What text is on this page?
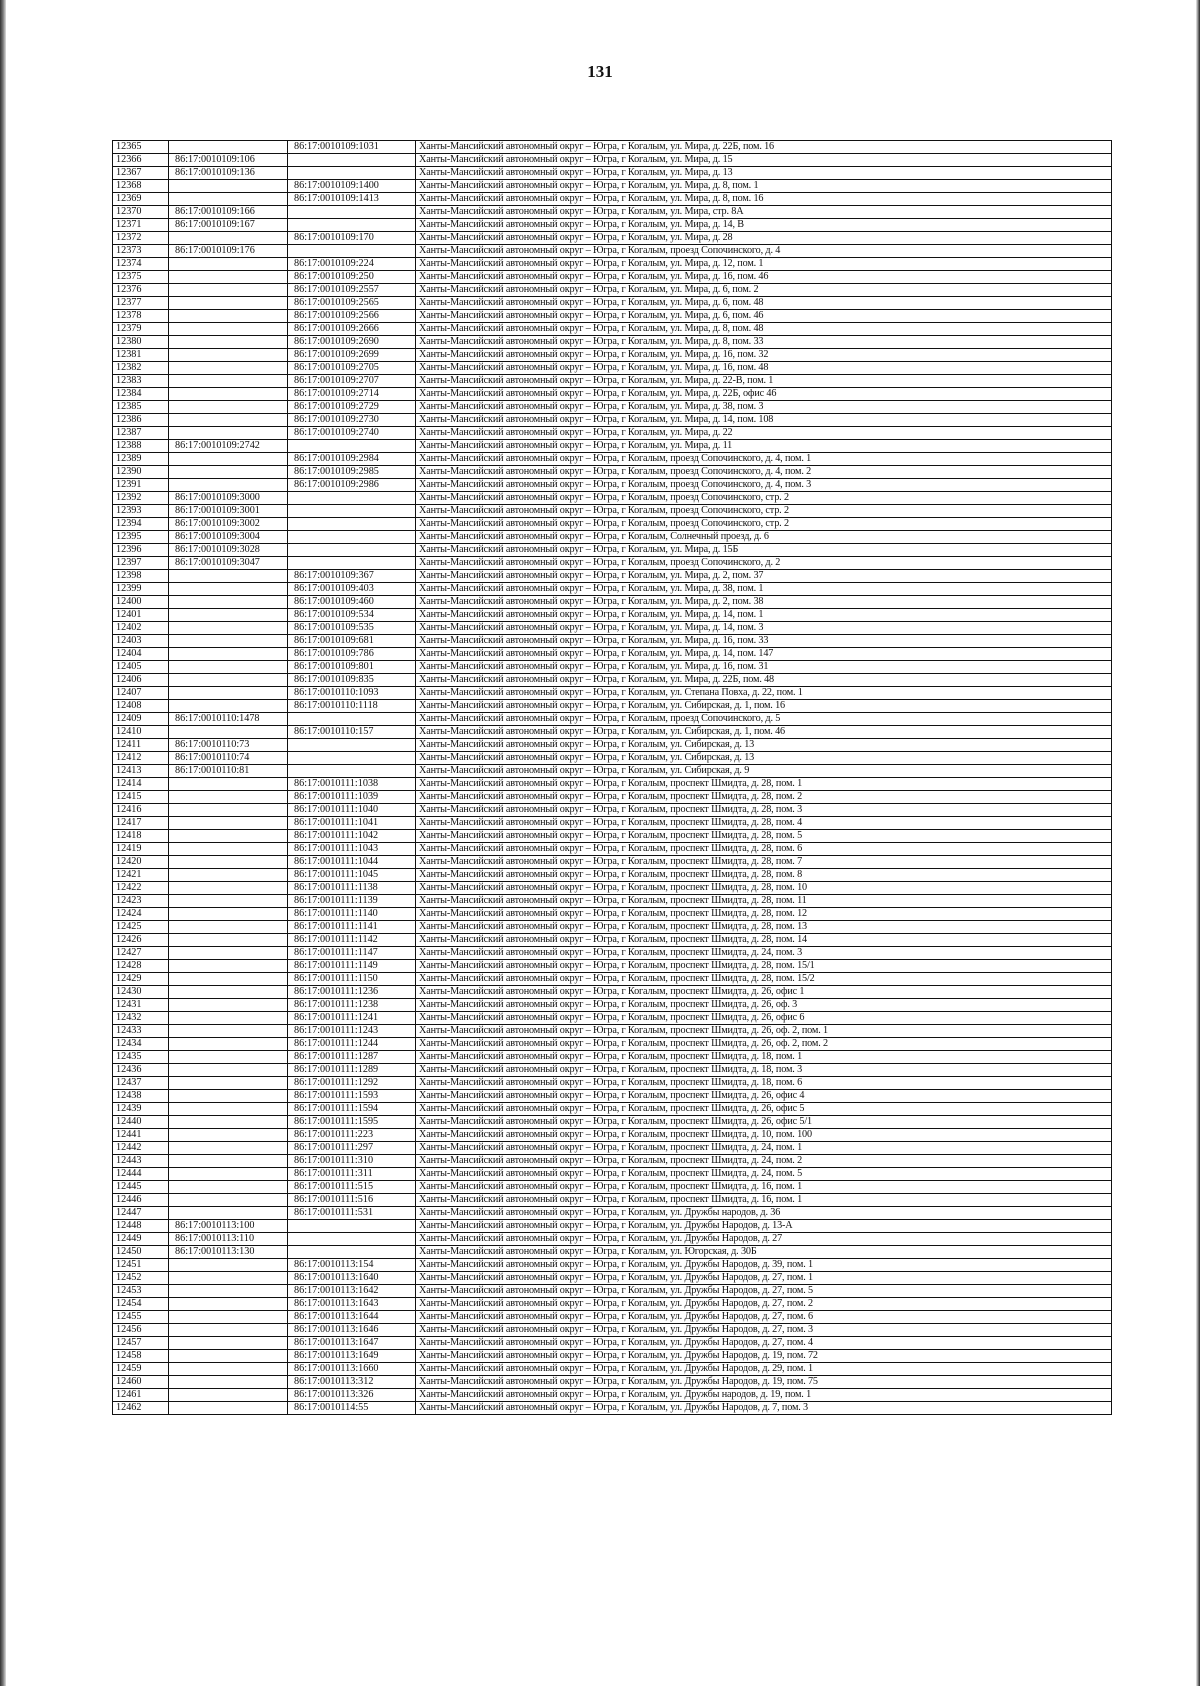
131
12365		86:17:0010109:1031	Ханты-Мансийский автономный округ – Югра, г Когалым, ул. Мира, д. 22Б, пом. 16
12366	86:17:0010109:106		Ханты-Мансийский автономный округ – Югра, г Когалым, ул. Мира, д. 15
12367	86:17:0010109:136		Ханты-Мансийский автономный округ – Югра, г Когалым, ул. Мира, д. 13
12368		86:17:0010109:1400	Ханты-Мансийский автономный округ – Югра, г Когалым, ул. Мира, д. 8, пом. 1
12369		86:17:0010109:1413	Ханты-Мансийский автономный округ – Югра, г Когалым, ул. Мира, д. 8, пом. 16
12370	86:17:0010109:166		Ханты-Мансийский автономный округ – Югра, г Когалым, ул. Мира, стр. 8А
12371	86:17:0010109:167		Ханты-Мансийский автономный округ – Югра, г Когалым, ул. Мира, д. 14, В
12372		86:17:0010109:170	Ханты-Мансийский автономный округ – Югра, г Когалым, ул. Мира, д. 28
12373	86:17:0010109:176		Ханты-Мансийский автономный округ – Югра, г Когалым, проезд Сопочинского, д. 4
12374		86:17:0010109:224	Ханты-Мансийский автономный округ – Югра, г Когалым, ул. Мира, д. 12, пом. 1
12375		86:17:0010109:250	Ханты-Мансийский автономный округ – Югра, г Когалым, ул. Мира, д. 16, пом. 46
12376		86:17:0010109:2557	Ханты-Мансийский автономный округ – Югра, г Когалым, ул. Мира, д. 6, пом. 2
12377		86:17:0010109:2565	Ханты-Мансийский автономный округ – Югра, г Когалым, ул. Мира, д. 6, пом. 48
12378		86:17:0010109:2566	Ханты-Мансийский автономный округ – Югра, г Когалым, ул. Мира, д. 6, пом. 46
12379		86:17:0010109:2666	Ханты-Мансийский автономный округ – Югра, г Когалым, ул. Мира, д. 8, пом. 48
12380		86:17:0010109:2690	Ханты-Мансийский автономный округ – Югра, г Когалым, ул. Мира, д. 8, пом. 33
12381		86:17:0010109:2699	Ханты-Мансийский автономный округ – Югра, г Когалым, ул. Мира, д. 16, пом. 32
12382		86:17:0010109:2705	Ханты-Мансийский автономный округ – Югра, г Когалым, ул. Мира, д. 16, пом. 48
12383		86:17:0010109:2707	Ханты-Мансийский автономный округ – Югра, г Когалым, ул. Мира, д. 22-В, пом. 1
12384		86:17:0010109:2714	Ханты-Мансийский автономный округ – Югра, г Когалым, ул. Мира, д. 22Б, офис 46
12385		86:17:0010109:2729	Ханты-Мансийский автономный округ – Югра, г Когалым, ул. Мира, д. 38, пом. 3
12386		86:17:0010109:2730	Ханты-Мансийский автономный округ – Югра, г Когалым, ул. Мира, д. 14, пом. 108
12387		86:17:0010109:2740	Ханты-Мансийский автономный округ – Югра, г Когалым, ул. Мира, д. 22
12388	86:17:0010109:2742		Ханты-Мансийский автономный округ – Югра, г Когалым, ул. Мира, д. 11
12389		86:17:0010109:2984	Ханты-Мансийский автономный округ – Югра, г Когалым, проезд Сопочинского, д. 4, пом. 1
12390		86:17:0010109:2985	Ханты-Мансийский автономный округ – Югра, г Когалым, проезд Сопочинского, д. 4, пом. 2
12391		86:17:0010109:2986	Ханты-Мансийский автономный округ – Югра, г Когалым, проезд Сопочинского, д. 4, пом. 3
12392	86:17:0010109:3000		Ханты-Мансийский автономный округ – Югра, г Когалым, проезд Сопочинского, стр. 2
12393	86:17:0010109:3001		Ханты-Мансийский автономный округ – Югра, г Когалым, проезд Сопочинского, стр. 2
12394	86:17:0010109:3002		Ханты-Мансийский автономный округ – Югра, г Когалым, проезд Сопочинского, стр. 2
12395	86:17:0010109:3004		Ханты-Мансийский автономный округ – Югра, г Когалым, Солнечный проезд, д. 6
12396	86:17:0010109:3028		Ханты-Мансийский автономный округ – Югра, г Когалым, ул. Мира, д. 15Б
12397	86:17:0010109:3047		Ханты-Мансийский автономный округ – Югра, г Когалым, проезд Сопочинского, д. 2
12398		86:17:0010109:367	Ханты-Мансийский автономный округ – Югра, г Когалым, ул. Мира, д. 2, пом. 37
12399		86:17:0010109:403	Ханты-Мансийский автономный округ – Югра, г Когалым, ул. Мира, д. 38, пом. 1
12400		86:17:0010109:460	Ханты-Мансийский автономный округ – Югра, г Когалым, ул. Мира, д. 2, пом. 38
12401		86:17:0010109:534	Ханты-Мансийский автономный округ – Югра, г Когалым, ул. Мира, д. 14, пом. 1
12402		86:17:0010109:535	Ханты-Мансийский автономный округ – Югра, г Когалым, ул. Мира, д. 14, пом. 3
12403		86:17:0010109:681	Ханты-Мансийский автономный округ – Югра, г Когалым, ул. Мира, д. 16, пом. 33
12404		86:17:0010109:786	Ханты-Мансийский автономный округ – Югра, г Когалым, ул. Мира, д. 14, пом. 147
12405		86:17:0010109:801	Ханты-Мансийский автономный округ – Югра, г Когалым, ул. Мира, д. 16, пом. 31
12406		86:17:0010109:835	Ханты-Мансийский автономный округ – Югра, г Когалым, ул. Мира, д. 22Б, пом. 48
12407		86:17:0010110:1093	Ханты-Мансийский автономный округ – Югра, г Когалым, ул. Степана Повха, д. 22, пом. 1
12408		86:17:0010110:1118	Ханты-Мансийский автономный округ – Югра, г Когалым, ул. Сибирская, д. 1, пом. 16
12409	86:17:0010110:1478		Ханты-Мансийский автономный округ – Югра, г Когалым, проезд Сопочинского, д. 5
12410		86:17:0010110:157	Ханты-Мансийский автономный округ – Югра, г Когалым, ул. Сибирская, д. 1, пом. 46
12411	86:17:0010110:73		Ханты-Мансийский автономный округ – Югра, г Когалым, ул. Сибирская, д. 13
12412	86:17:0010110:74		Ханты-Мансийский автономный округ – Югра, г Когалым, ул. Сибирская, д. 13
12413	86:17:0010110:81		Ханты-Мансийский автономный округ – Югра, г Когалым, ул. Сибирская, д. 9
12414		86:17:0010111:1038	Ханты-Мансийский автономный округ – Югра, г Когалым, проспект Шмидта, д. 28, пом. 1
12415		86:17:0010111:1039	Ханты-Мансийский автономный округ – Югра, г Когалым, проспект Шмидта, д. 28, пом. 2
12416		86:17:0010111:1040	Ханты-Мансийский автономный округ – Югра, г Когалым, проспект Шмидта, д. 28, пом. 3
12417		86:17:0010111:1041	Ханты-Мансийский автономный округ – Югра, г Когалым, проспект Шмидта, д. 28, пом. 4
12418		86:17:0010111:1042	Ханты-Мансийский автономный округ – Югра, г Когалым, проспект Шмидта, д. 28, пом. 5
12419		86:17:0010111:1043	Ханты-Мансийский автономный округ – Югра, г Когалым, проспект Шмидта, д. 28, пом. 6
12420		86:17:0010111:1044	Ханты-Мансийский автономный округ – Югра, г Когалым, проспект Шмидта, д. 28, пом. 7
12421		86:17:0010111:1045	Ханты-Мансийский автономный округ – Югра, г Когалым, проспект Шмидта, д. 28, пом. 8
12422		86:17:0010111:1138	Ханты-Мансийский автономный округ – Югра, г Когалым, проспект Шмидта, д. 28, пом. 10
12423		86:17:0010111:1139	Ханты-Мансийский автономный округ – Югра, г Когалым, проспект Шмидта, д. 28, пом. 11
12424		86:17:0010111:1140	Ханты-Мансийский автономный округ – Югра, г Когалым, проспект Шмидта, д. 28, пом. 12
12425		86:17:0010111:1141	Ханты-Мансийский автономный округ – Югра, г Когалым, проспект Шмидта, д. 28, пом. 13
12426		86:17:0010111:1142	Ханты-Мансийский автономный округ – Югра, г Когалым, проспект Шмидта, д. 28, пом. 14
12427		86:17:0010111:1147	Ханты-Мансийский автономный округ – Югра, г Когалым, проспект Шмидта, д. 24, пом. 3
12428		86:17:0010111:1149	Ханты-Мансийский автономный округ – Югра, г Когалым, проспект Шмидта, д. 28, пом. 15/1
12429		86:17:0010111:1150	Ханты-Мансийский автономный округ – Югра, г Когалым, проспект Шмидта, д. 28, пом. 15/2
12430		86:17:0010111:1236	Ханты-Мансийский автономный округ – Югра, г Когалым, проспект Шмидта, д. 26, офис 1
12431		86:17:0010111:1238	Ханты-Мансийский автономный округ – Югра, г Когалым, проспект Шмидта, д. 26, оф. 3
12432		86:17:0010111:1241	Ханты-Мансийский автономный округ – Югра, г Когалым, проспект Шмидта, д. 26, офис 6
12433		86:17:0010111:1243	Ханты-Мансийский автономный округ – Югра, г Когалым, проспект Шмидта, д. 26, оф. 2, пом. 1
12434		86:17:0010111:1244	Ханты-Мансийский автономный округ – Югра, г Когалым, проспект Шмидта, д. 26, оф. 2, пом. 2
12435		86:17:0010111:1287	Ханты-Мансийский автономный округ – Югра, г Когалым, проспект Шмидта, д. 18, пом. 1
12436		86:17:0010111:1289	Ханты-Мансийский автономный округ – Югра, г Когалым, проспект Шмидта, д. 18, пом. 3
12437		86:17:0010111:1292	Ханты-Мансийский автономный округ – Югра, г Когалым, проспект Шмидта, д. 18, пом. 6
12438		86:17:0010111:1593	Ханты-Мансийский автономный округ – Югра, г Когалым, проспект Шмидта, д. 26, офис 4
12439		86:17:0010111:1594	Ханты-Мансийский автономный округ – Югра, г Когалым, проспект Шмидта, д. 26, офис 5
12440		86:17:0010111:1595	Ханты-Мансийский автономный округ – Югра, г Когалым, проспект Шмидта, д. 26, офис 5/1
12441		86:17:0010111:223	Ханты-Мансийский автономный округ – Югра, г Когалым, проспект Шмидта, д. 10, пом. 100
12442		86:17:0010111:297	Ханты-Мансийский автономный округ – Югра, г Когалым, проспект Шмидта, д. 24, пом. 1
12443		86:17:0010111:310	Ханты-Мансийский автономный округ – Югра, г Когалым, проспект Шмидта, д. 24, пом. 2
12444		86:17:0010111:311	Ханты-Мансийский автономный округ – Югра, г Когалым, проспект Шмидта, д. 24, пом. 5
12445		86:17:0010111:515	Ханты-Мансийский автономный округ – Югра, г Когалым, проспект Шмидта, д. 16, пом. 1
12446		86:17:0010111:516	Ханты-Мансийский автономный округ – Югра, г Когалым, проспект Шмидта, д. 16, пом. 1
12447		86:17:0010111:531	Ханты-Мансийский автономный округ – Югра, г Когалым, ул. Дружбы народов, д. 36
12448	86:17:0010113:100		Ханты-Мансийский автономный округ – Югра, г Когалым, ул. Дружбы Народов, д. 13-А
12449	86:17:0010113:110		Ханты-Мансийский автономный округ – Югра, г Когалым, ул. Дружбы Народов, д. 27
12450	86:17:0010113:130		Ханты-Мансийский автономный округ – Югра, г Когалым, ул. Югорская, д. 30Б
12451		86:17:0010113:154	Ханты-Мансийский автономный округ – Югра, г Когалым, ул. Дружбы Народов, д. 39, пом. 1
12452		86:17:0010113:1640	Ханты-Мансийский автономный округ – Югра, г Когалым, ул. Дружбы Народов, д. 27, пом. 1
12453		86:17:0010113:1642	Ханты-Мансийский автономный округ – Югра, г Когалым, ул. Дружбы Народов, д. 27, пом. 5
12454		86:17:0010113:1643	Ханты-Мансийский автономный округ – Югра, г Когалым, ул. Дружбы Народов, д. 27, пом. 2
12455		86:17:0010113:1644	Ханты-Мансийский автономный округ – Югра, г Когалым, ул. Дружбы Народов, д. 27, пом. 6
12456		86:17:0010113:1646	Ханты-Мансийский автономный округ – Югра, г Когалым, ул. Дружбы Народов, д. 27, пом. 3
12457		86:17:0010113:1647	Ханты-Мансийский автономный округ – Югра, г Когалым, ул. Дружбы Народов, д. 27, пом. 4
12458		86:17:0010113:1649	Ханты-Мансийский автономный округ – Югра, г Когалым, ул. Дружбы Народов, д. 19, пом. 72
12459		86:17:0010113:1660	Ханты-Мансийский автономный округ – Югра, г Когалым, ул. Дружбы Народов, д. 29, пом. 1
12460		86:17:0010113:312	Ханты-Мансийский автономный округ – Югра, г Когалым, ул. Дружбы Народов, д. 19, пом. 75
12461		86:17:0010113:326	Ханты-Мансийский автономный округ – Югра, г Когалым, ул. Дружбы народов, д. 19, пом. 1
12462		86:17:0010114:55	Ханты-Мансийский автономный округ – Югра, г Когалым, ул. Дружбы Народов, д. 7, пом. 3
